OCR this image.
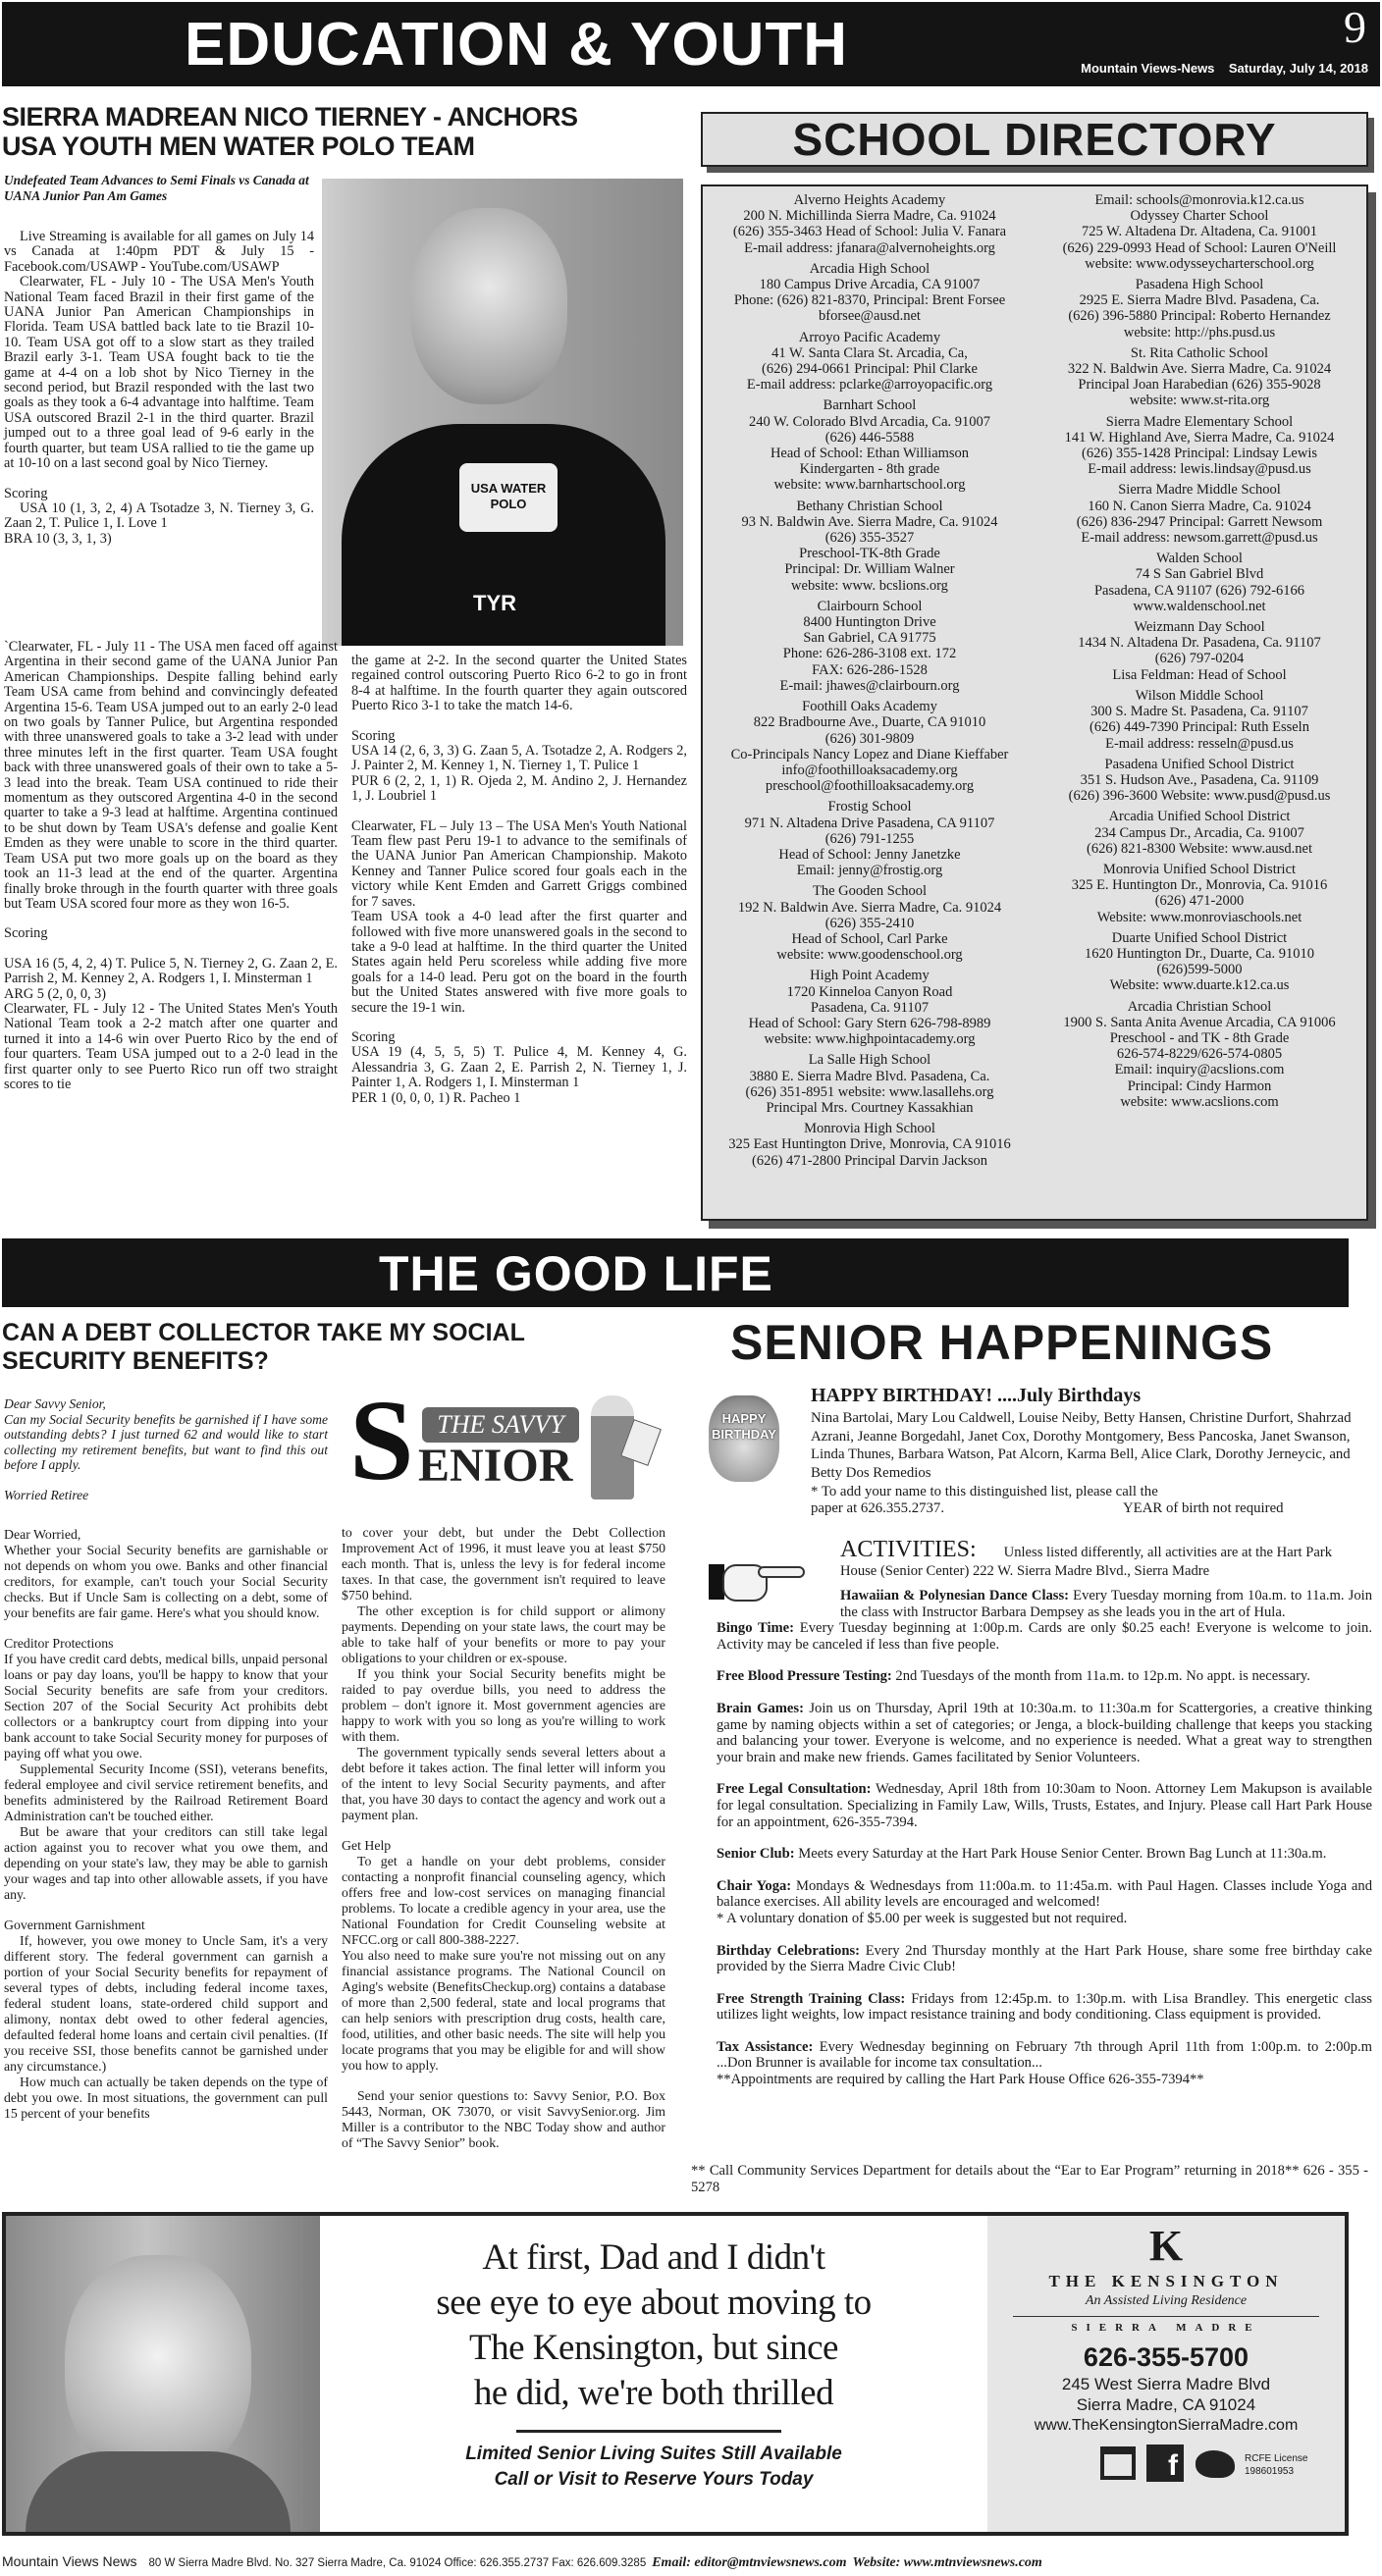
EDUCATION & YOUTH	9
Mountain Views-News Saturday, July 14, 2018
SIERRA MADREAN NICO TIERNEY - ANCHORS
USA YOUTH MEN WATER POLO TEAM
Undefeated Team Advances to Semi Finals vs Canada at UANA Junior Pan Am Games

Live Streaming is available for all games on July 14 vs Canada at 1:40pm PDT & July 15 - Facebook.com/USAWP - YouTube.com/USAWP

Clearwater, FL - July 10 - The USA Men's Youth National Team faced Brazil in their first game of the UANA Junior Pan American Championships in Florida. Team USA battled back late to tie Brazil 10-10. Team USA got off to a slow start as they trailed Brazil early 3-1. Team USA fought back to tie the game at 4-4 on a lob shot by Nico Tierney in the second period, but Brazil responded with the last two goals as they took a 6-4 advantage into halftime. Team USA outscored Brazil 2-1 in the third quarter. Brazil jumped out to a three goal lead of 9-6 early in the fourth quarter, but team USA rallied to tie the game up at 10-10 on a last second goal by Nico Tierney.

Scoring

USA 10 (1, 3, 2, 4) A Tsotadze 3, N. Tierney 3, G. Zaan 2, T. Pulice 1, I. Love 1

BRA 10 (3, 3, 1, 3)

USA WATER POLO
TYR

`Clearwater, FL - July 11 - The USA men faced off against Argentina in their second game of the UANA Junior Pan American Championships. Despite falling behind early Team USA came from behind and convincingly defeated Argentina 15-6. Team USA jumped out to an early 2-0 lead on two goals by Tanner Pulice, but Argentina responded with three unanswered goals to take a 3-2 lead with under three minutes left in the first quarter. Team USA fought back with three unanswered goals of their own to take a 5-3 lead into the break. Team USA continued to ride their momentum as they outscored Argentina 4-0 in the second quarter to take a 9-3 lead at halftime. Argentina continued to be shut down by Team USA's defense and goalie Kent Emden as they were unable to score in the third quarter. Team USA put two more goals up on the board as they took an 11-3 lead at the end of the quarter. Argentina finally broke through in the fourth quarter with three goals but Team USA scored four more as they won 16-5.

Scoring

USA 16 (5, 4, 2, 4) T. Pulice 5, N. Tierney 2, G. Zaan 2, E. Parrish 2, M. Kenney 2, A. Rodgers 1, I. Minsterman 1

ARG 5 (2, 0, 0, 3)

Clearwater, FL - July 12 - The United States Men's Youth National Team took a 2-2 match after one quarter and turned it into a 14-6 win over Puerto Rico by the end of four quarters. Team USA jumped out to a 2-0 lead in the first quarter only to see Puerto Rico run off two straight scores to tie

the game at 2-2. In the second quarter the United States regained control outscoring Puerto Rico 6-2 to go in front 8-4 at halftime. In the fourth quarter they again outscored Puerto Rico 3-1 to take the match 14-6.

Scoring

USA 14 (2, 6, 3, 3) G. Zaan 5, A. Tsotadze 2, A. Rodgers 2, J. Painter 2, M. Kenney 1, N. Tierney 1, T. Pulice 1

PUR 6 (2, 2, 1, 1) R. Ojeda 2, M. Andino 2, J. Hernandez 1, J. Loubriel 1

Clearwater, FL – July 13 – The USA Men's Youth National Team flew past Peru 19-1 to advance to the semifinals of the UANA Junior Pan American Championship. Makoto Kenney and Tanner Pulice scored four goals each in the victory while Kent Emden and Garrett Griggs combined for 7 saves.

Team USA took a 4-0 lead after the first quarter and followed with five more unanswered goals in the second to take a 9-0 lead at halftime. In the third quarter the United States again held Peru scoreless while adding five more goals for a 14-0 lead. Peru got on the board in the fourth but the United States answered with five more goals to secure the 19-1 win.

Scoring

USA 19 (4, 5, 5, 5) T. Pulice 4, M. Kenney 4, G. Alessandria 3, G. Zaan 2, E. Parrish 2, N. Tierney 1, J. Painter 1, A. Rodgers 1, I. Minsterman 1

PER 1 (0, 0, 0, 1) R. Pacheo 1

SCHOOL DIRECTORY
Alverno Heights Academy
200 N. Michillinda Sierra Madre, Ca. 91024
(626) 355-3463 Head of School: Julia V. Fanara
E-mail address: jfanara@alvernoheights.org
Arcadia High School
180 Campus Drive Arcadia, CA 91007
Phone: (626) 821-8370, Principal: Brent Forsee
bforsee@ausd.net
Arroyo Pacific Academy
41 W. Santa Clara St. Arcadia, Ca,
(626) 294-0661 Principal: Phil Clarke
E-mail address: pclarke@arroyopacific.org
Barnhart School
240 W. Colorado Blvd Arcadia, Ca. 91007
(626) 446-5588
Head of School: Ethan Williamson
Kindergarten - 8th grade
website: www.barnhartschool.org
Bethany Christian School
93 N. Baldwin Ave. Sierra Madre, Ca. 91024
(626) 355-3527
Preschool-TK-8th Grade
Principal: Dr. William Walner
website: www. bcslions.org
Clairbourn School
8400 Huntington Drive
San Gabriel, CA 91775
Phone: 626-286-3108 ext. 172
FAX: 626-286-1528
E-mail: jhawes@clairbourn.org
Foothill Oaks Academy
822 Bradbourne Ave., Duarte, CA 91010
(626) 301-9809
Co-Principals Nancy Lopez and Diane Kieffaber
info@foothilloaksacademy.org
preschool@foothilloaksacademy.org
Frostig School
971 N. Altadena Drive Pasadena, CA 91107
(626) 791-1255
Head of School: Jenny Janetzke
Email: jenny@frostig.org
The Gooden School
192 N. Baldwin Ave. Sierra Madre, Ca. 91024
(626) 355-2410
Head of School, Carl Parke
website: www.goodenschool.org
High Point Academy
1720 Kinneloa Canyon Road
Pasadena, Ca. 91107
Head of School: Gary Stern 626-798-8989
website: www.highpointacademy.org
La Salle High School
3880 E. Sierra Madre Blvd. Pasadena, Ca.
(626) 351-8951 website: www.lasallehs.org
Principal Mrs. Courtney Kassakhian
Monrovia High School
325 East Huntington Drive, Monrovia, CA 91016
(626) 471-2800 Principal Darvin Jackson
Email: schools@monrovia.k12.ca.us
Odyssey Charter School
725 W. Altadena Dr. Altadena, Ca. 91001
(626) 229-0993 Head of School: Lauren O'Neill
website: www.odysseycharterschool.org
Pasadena High School
2925 E. Sierra Madre Blvd. Pasadena, Ca.
(626) 396-5880 Principal: Roberto Hernandez
website: http://phs.pusd.us
St. Rita Catholic School
322 N. Baldwin Ave. Sierra Madre, Ca. 91024
Principal Joan Harabedian (626) 355-9028
website: www.st-rita.org
Sierra Madre Elementary School
141 W. Highland Ave, Sierra Madre, Ca. 91024
(626) 355-1428 Principal: Lindsay Lewis
E-mail address: lewis.lindsay@pusd.us
Sierra Madre Middle School
160 N. Canon Sierra Madre, Ca. 91024
(626) 836-2947 Principal: Garrett Newsom
E-mail address: newsom.garrett@pusd.us
Walden School
74 S San Gabriel Blvd
Pasadena, CA 91107 (626) 792-6166
www.waldenschool.net
Weizmann Day School
1434 N. Altadena Dr. Pasadena, Ca. 91107
(626) 797-0204
Lisa Feldman: Head of School
Wilson Middle School
300 S. Madre St. Pasadena, Ca. 91107
(626) 449-7390 Principal: Ruth Esseln
E-mail address: resseln@pusd.us
Pasadena Unified School District
351 S. Hudson Ave., Pasadena, Ca. 91109
(626) 396-3600 Website: www.pusd@pusd.us
Arcadia Unified School District
234 Campus Dr., Arcadia, Ca. 91007
(626) 821-8300 Website: www.ausd.net
Monrovia Unified School District
325 E. Huntington Dr., Monrovia, Ca. 91016
(626) 471-2000
Website: www.monroviaschools.net
Duarte Unified School District
1620 Huntington Dr., Duarte, Ca. 91010
(626)599-5000
Website: www.duarte.k12.ca.us
Arcadia Christian School
1900 S. Santa Anita Avenue Arcadia, CA 91006
Preschool - and TK - 8th Grade
626-574-8229/626-574-0805
Email: inquiry@acslions.com
Principal: Cindy Harmon
website: www.acslions.com
THE GOOD LIFE
CAN A DEBT COLLECTOR TAKE MY SOCIAL
SECURITY BENEFITS?

Dear Savvy Senior,

Can my Social Security benefits be garnished if I have some outstanding debts? I just turned 62 and would like to start collecting my retirement benefits, but want to find this out before I apply.

Worried Retiree	S THE SAVVY
ENIOR

Dear Worried,

Whether your Social Security benefits are garnishable or not depends on whom you owe. Banks and other financial creditors, for example, can't touch your Social Security checks. But if Uncle Sam is collecting on a debt, some of your benefits are fair game. Here's what you should know.

Creditor Protections

If you have credit card debts, medical bills, unpaid personal loans or pay day loans, you'll be happy to know that your Social Security benefits are safe from your creditors. Section 207 of the Social Security Act prohibits debt collectors or a bankruptcy court from dipping into your bank account to take Social Security money for purposes of paying off what you owe.

Supplemental Security Income (SSI), veterans benefits, federal employee and civil service retirement benefits, and benefits administered by the Railroad Retirement Board Administration can't be touched either.

But be aware that your creditors can still take legal action against you to recover what you owe them, and depending on your state's law, they may be able to garnish your wages and tap into other allowable assets, if you have any.

Government Garnishment

If, however, you owe money to Uncle Sam, it's a very different story. The federal government can garnish a portion of your Social Security benefits for repayment of several types of debts, including federal income taxes, federal student loans, state-ordered child support and alimony, nontax debt owed to other federal agencies, defaulted federal home loans and certain civil penalties. (If you receive SSI, those benefits cannot be garnished under any circumstance.)

How much can actually be taken depends on the type of debt you owe. In most situations, the government can pull 15 percent of your benefits

to cover your debt, but under the Debt Collection Improvement Act of 1996, it must leave you at least $750 each month. That is, unless the levy is for federal income taxes. In that case, the government isn't required to leave $750 behind.

The other exception is for child support or alimony payments. Depending on your state laws, the court may be able to take half of your benefits or more to pay your obligations to your children or ex-spouse.

If you think your Social Security benefits might be raided to pay overdue bills, you need to address the problem – don't ignore it. Most government agencies are happy to work with you so long as you're willing to work with them.

The government typically sends several letters about a debt before it takes action. The final letter will inform you of the intent to levy Social Security payments, and after that, you have 30 days to contact the agency and work out a payment plan.

Get Help

To get a handle on your debt problems, consider contacting a nonprofit financial counseling agency, which offers free and low-cost services on managing financial problems. To locate a credible agency in your area, use the National Foundation for Credit Counseling website at NFCC.org or call 800-388-2227.

You also need to make sure you're not missing out on any financial assistance programs. The National Council on Aging's website (BenefitsCheckup.org) contains a database of more than 2,500 federal, state and local programs that can help seniors with prescription drug costs, health care, food, utilities, and other basic needs. The site will help you locate programs that you may be eligible for and will show you how to apply.

Send your senior questions to: Savvy Senior, P.O. Box 5443, Norman, OK 73070, or visit SavvySenior.org. Jim Miller is a contributor to the NBC Today show and author of “The Savvy Senior” book.

SENIOR HAPPENINGS
HAPPY BIRTHDAY
HAPPY BIRTHDAY! ....July Birthdays
Nina Bartolai, Mary Lou Caldwell, Louise Neiby, Betty Hansen, Christine Durfort, Shahrzad Azrani, Jeanne Borgedahl, Janet Cox, Dorothy Montgomery, Bess Pancoska, Janet Swanson, Linda Thunes, Barbara Watson, Pat Alcorn, Karma Bell, Alice Clark, Dorothy Jerneycic, and Betty Dos Remedios
* To add your name to this distinguished list, please call the paper at 626.355.2737.	YEAR of birth not required
ACTIVITIES: Unless listed differently, all activities are at the Hart Park House (Senior Center) 222 W. Sierra Madre Blvd., Sierra Madre
Hawaiian & Polynesian Dance Class: Every Tuesday morning from 10a.m. to 11a.m. Join the class with Instructor Barbara Dempsey as she leads you in the art of Hula.
Bingo Time: Every Tuesday beginning at 1:00p.m. Cards are only $0.25 each! Everyone is welcome to join. Activity may be canceled if less than five people.
Free Blood Pressure Testing: 2nd Tuesdays of the month from 11a.m. to 12p.m. No appt. is necessary.
Brain Games: Join us on Thursday, April 19th at 10:30a.m. to 11:30a.m for Scattergories, a creative thinking game by naming objects within a set of categories; or Jenga, a block-building challenge that keeps you stacking and balancing your tower. Everyone is welcome, and no experience is needed. What a great way to strengthen your brain and make new friends. Games facilitated by Senior Volunteers.
Free Legal Consultation: Wednesday, April 18th from 10:30am to Noon. Attorney Lem Makupson is available for legal consultation. Specializing in Family Law, Wills, Trusts, Estates, and Injury. Please call Hart Park House for an appointment, 626-355-7394.
Senior Club: Meets every Saturday at the Hart Park House Senior Center. Brown Bag Lunch at 11:30a.m.
Chair Yoga: Mondays & Wednesdays from 11:00a.m. to 11:45a.m. with Paul Hagen. Classes include Yoga and balance exercises. All ability levels are encouraged and welcomed!
* A voluntary donation of $5.00 per week is suggested but not required.
Birthday Celebrations: Every 2nd Thursday monthly at the Hart Park House, share some free birthday cake provided by the Sierra Madre Civic Club!
Free Strength Training Class: Fridays from 12:45p.m. to 1:30p.m. with Lisa Brandley. This energetic class utilizes light weights, low impact resistance training and body conditioning. Class equipment is provided.
Tax Assistance: Every Wednesday beginning on February 7th through April 11th from 1:00p.m. to 2:00p.m ...Don Brunner is available for income tax consultation...
**Appointments are required by calling the Hart Park House Office 626-355-7394**
** Call Community Services Department for details about the “Ear to Ear Program” returning in 2018** 626 - 355 - 5278
At first, Dad and I didn't
see eye to eye about moving to
The Kensington, but since
he did, we're both thrilled
Limited Senior Living Suites Still Available
Call or Visit to Reserve Yours Today
K
THE KENSINGTON
An Assisted Living Residence
SIERRA MADRE
626-355-5700
245 West Sierra Madre Blvd
Sierra Madre, CA 91024
www.TheKensingtonSierraMadre.com
f	RCFE License
198601953
Mountain Views News 80 W Sierra Madre Blvd. No. 327 Sierra Madre, Ca. 91024 Office: 626.355.2737 Fax: 626.609.3285 Email: editor@mtnviewsnews.com Website: www.mtnviewsnews.com
